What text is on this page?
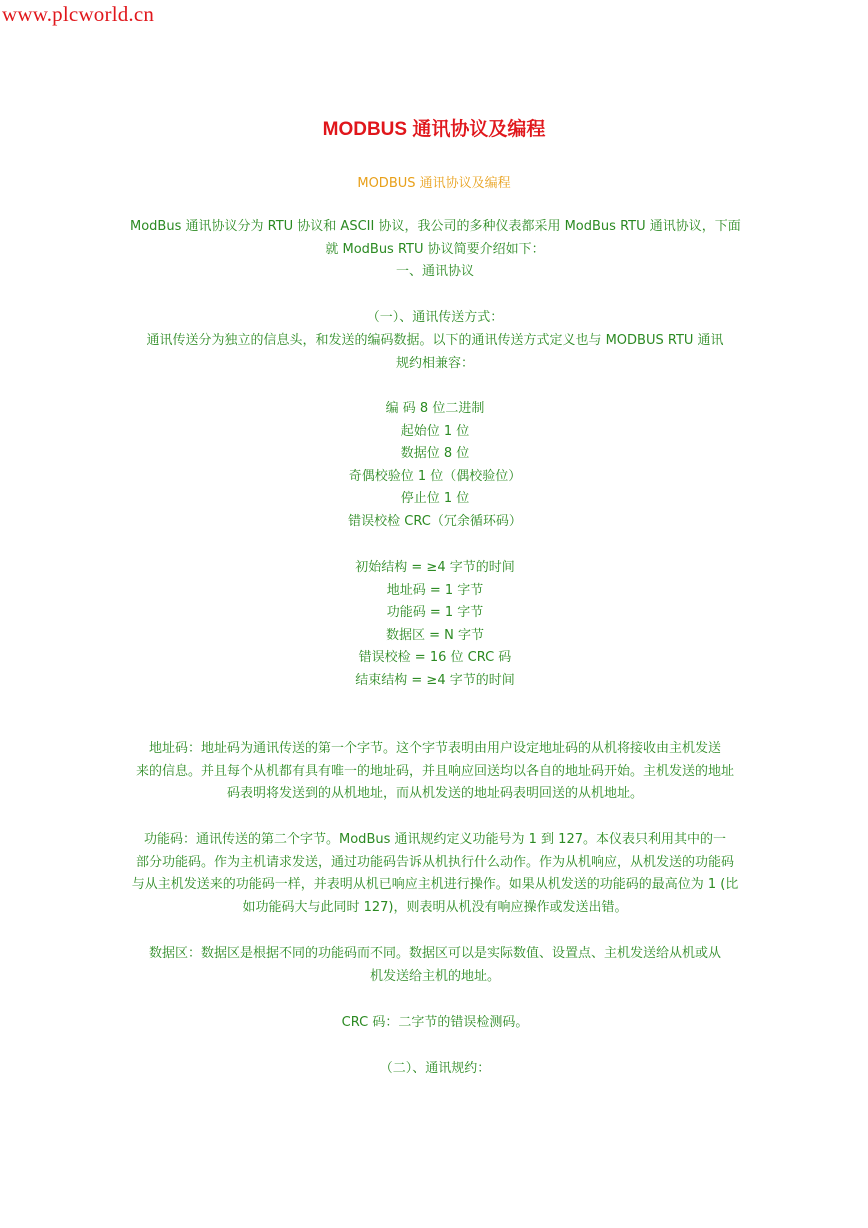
www.plcworld.cn
MODBUS 通讯协议及编程
MODBUS 通讯协议及编程
ModBus 通讯协议分为 RTU 协议和 ASCII 协议，我公司的多种仪表都采用 ModBus RTU 通讯协议，下面
就 ModBus RTU 协议简要介绍如下：
一、通讯协议
（一）、通讯传送方式：
通讯传送分为独立的信息头，和发送的编码数据。以下的通讯传送方式定义也与 MODBUS RTU 通讯
规约相兼容：
编 码 8 位二进制
起始位 1 位
数据位 8 位
奇偶校验位 1 位（偶校验位）
停止位 1 位
错误校检 CRC（冗余循环码）
初始结构 = ≥4 字节的时间
地址码 = 1 字节
功能码 = 1 字节
数据区 = N 字节
错误校检 = 16 位 CRC 码
结束结构 = ≥4 字节的时间
地址码：地址码为通讯传送的第一个字节。这个字节表明由用户设定地址码的从机将接收由主机发送
来的信息。并且每个从机都有具有唯一的地址码，并且响应回送均以各自的地址码开始。主机发送的地址
码表明将发送到的从机地址，而从机发送的地址码表明回送的从机地址。
功能码：通讯传送的第二个字节。ModBus 通讯规约定义功能号为 1 到 127。本仪表只利用其中的一
部分功能码。作为主机请求发送，通过功能码告诉从机执行什么动作。作为从机响应，从机发送的功能码
与从主机发送来的功能码一样，并表明从机已响应主机进行操作。如果从机发送的功能码的最高位为 1 (比
如功能码大与此同时 127)，则表明从机没有响应操作或发送出错。
数据区：数据区是根据不同的功能码而不同。数据区可以是实际数值、设置点、主机发送给从机或从
机发送给主机的地址。
CRC 码：二字节的错误检测码。
（二）、通讯规约：
